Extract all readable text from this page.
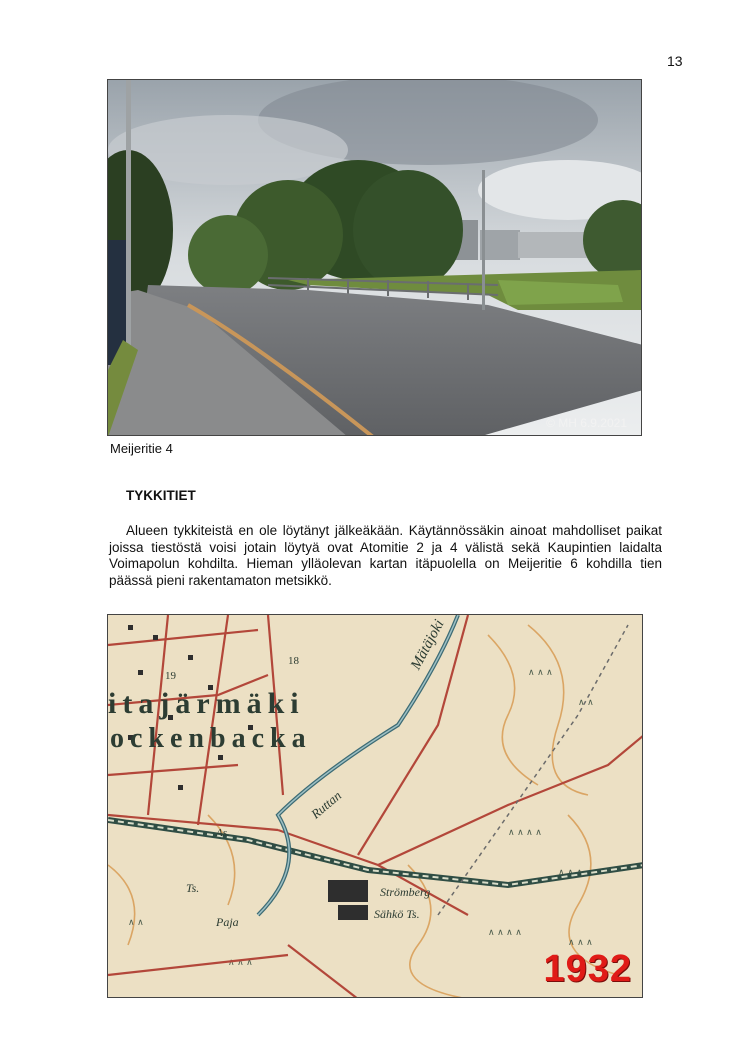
13
© MH 6.9.2021
Meijeritie 4
TYKKITIET

Alueen tykkiteistä en ole löytänyt jälkeäkään. Käytännössäkin ainoat mahdolliset paikat joissa tiestöstä voisi jotain löytyä ovat Atomitie 2 ja 4 välistä sekä Kaupintien laidalta Voimapolun kohdilta. Hieman ylläolevan kartan itäpuolella on Meijeritie 6 kohdilla tien päässä pieni rakentamaton metsikkö.

∧ ∧ ∧
∧ ∧
∧ ∧ ∧ ∧
∧ ∧ ∧
∧ ∧ ∧ ∧
∧ ∧ ∧
∧ ∧
∧ ∧ ∧
19
18
itajärmäki
ockenbacka
Mätäjoki
Ruttan
As.
Strömberg
Sähkö Ts.
Ts.
Paja
1932
